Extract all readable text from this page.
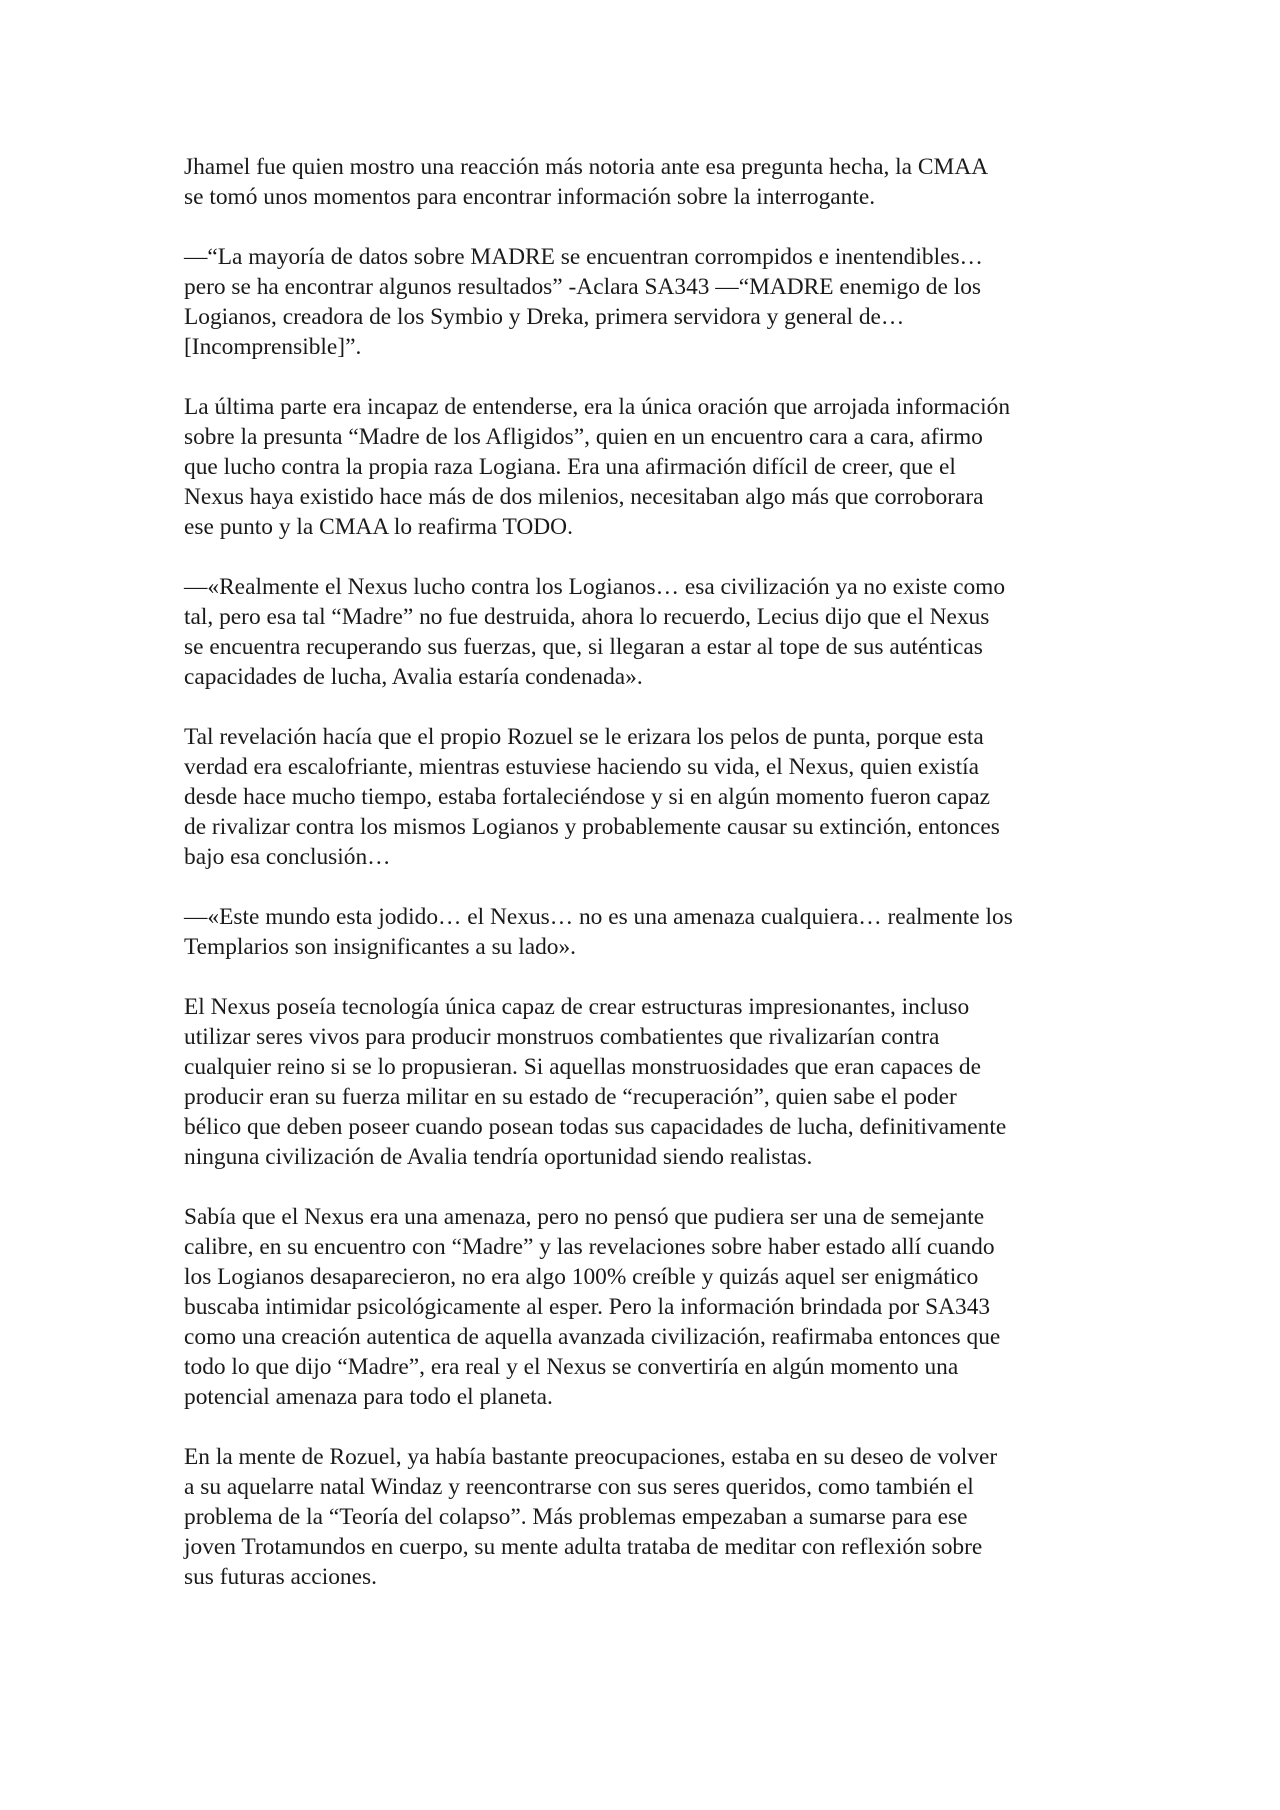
Jhamel fue quien mostro una reacción más notoria ante esa pregunta hecha, la CMAA
se tomó unos momentos para encontrar información sobre la interrogante.

—“La mayoría de datos sobre MADRE se encuentran corrompidos e inentendibles…
pero se ha encontrar algunos resultados” -Aclara SA343 —“MADRE enemigo de los
Logianos, creadora de los Symbio y Dreka, primera servidora y general de…
[Incomprensible]”.

La última parte era incapaz de entenderse, era la única oración que arrojada información
sobre la presunta “Madre de los Afligidos”, quien en un encuentro cara a cara, afirmo
que lucho contra la propia raza Logiana. Era una afirmación difícil de creer, que el
Nexus haya existido hace más de dos milenios, necesitaban algo más que corroborara
ese punto y la CMAA lo reafirma TODO.

—«Realmente el Nexus lucho contra los Logianos… esa civilización ya no existe como
tal, pero esa tal “Madre” no fue destruida, ahora lo recuerdo, Lecius dijo que el Nexus
se encuentra recuperando sus fuerzas, que, si llegaran a estar al tope de sus auténticas
capacidades de lucha, Avalia estaría condenada».

Tal revelación hacía que el propio Rozuel se le erizara los pelos de punta, porque esta
verdad era escalofriante, mientras estuviese haciendo su vida, el Nexus, quien existía
desde hace mucho tiempo, estaba fortaleciéndose y si en algún momento fueron capaz
de rivalizar contra los mismos Logianos y probablemente causar su extinción, entonces
bajo esa conclusión…

—«Este mundo esta jodido… el Nexus… no es una amenaza cualquiera… realmente los
Templarios son insignificantes a su lado».

El Nexus poseía tecnología única capaz de crear estructuras impresionantes, incluso
utilizar seres vivos para producir monstruos combatientes que rivalizarían contra
cualquier reino si se lo propusieran. Si aquellas monstruosidades que eran capaces de
producir eran su fuerza militar en su estado de “recuperación”, quien sabe el poder
bélico que deben poseer cuando posean todas sus capacidades de lucha, definitivamente
ninguna civilización de Avalia tendría oportunidad siendo realistas.

Sabía que el Nexus era una amenaza, pero no pensó que pudiera ser una de semejante
calibre, en su encuentro con “Madre” y las revelaciones sobre haber estado allí cuando
los Logianos desaparecieron, no era algo 100% creíble y quizás aquel ser enigmático
buscaba intimidar psicológicamente al esper. Pero la información brindada por SA343
como una creación autentica de aquella avanzada civilización, reafirmaba entonces que
todo lo que dijo “Madre”, era real y el Nexus se convertiría en algún momento una
potencial amenaza para todo el planeta.

En la mente de Rozuel, ya había bastante preocupaciones, estaba en su deseo de volver
a su aquelarre natal Windaz y reencontrarse con sus seres queridos, como también el
problema de la “Teoría del colapso”. Más problemas empezaban a sumarse para ese
joven Trotamundos en cuerpo, su mente adulta trataba de meditar con reflexión sobre
sus futuras acciones.
